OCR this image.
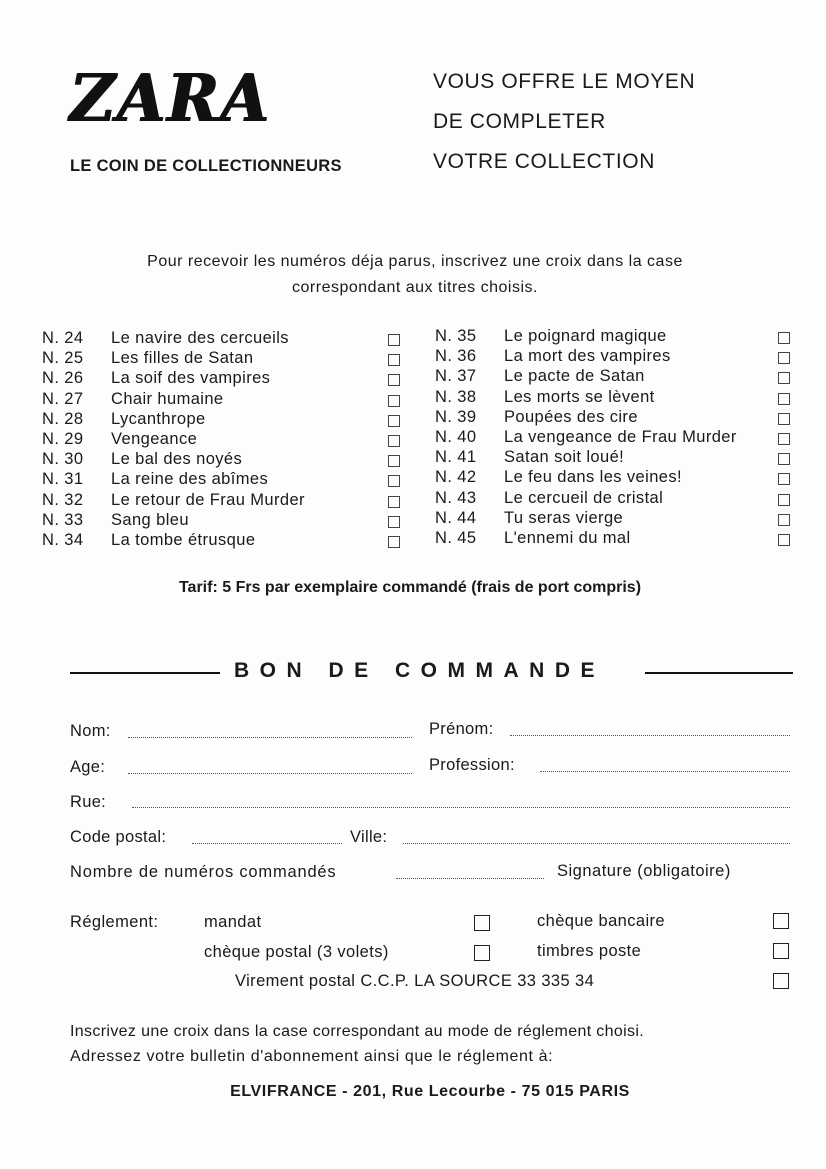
ZARA
LE COIN DE COLLECTIONNEURS
VOUS OFFRE LE MOYEN
DE COMPLETER
VOTRE COLLECTION
Pour recevoir les numéros déja parus, inscrivez une croix dans la case
correspondant aux titres choisis.
N. 24 Le navire des cercueils
N. 25 Les filles de Satan
N. 26 La soif des vampires
N. 27 Chair humaine
N. 28 Lycanthrope
N. 29 Vengeance
N. 30 Le bal des noyés
N. 31 La reine des abîmes
N. 32 Le retour de Frau Murder
N. 33 Sang bleu
N. 34 La tombe étrusque
N. 35 Le poignard magique
N. 36 La mort des vampires
N. 37 Le pacte de Satan
N. 38 Les morts se lèvent
N. 39 Poupées des cire
N. 40 La vengeance de Frau Murder
N. 41 Satan soit loué!
N. 42 Le feu dans les veines!
N. 43 Le cercueil de cristal
N. 44 Tu seras vierge
N. 45 L'ennemi du mal
Tarif: 5 Frs par exemplaire commandé (frais de port compris)
BON DE COMMANDE
Nom:	Prénom:
Age:	Profession:
Rue:
Code postal:	Ville:
Nombre de numéros commandés	Signature (obligatoire)
Réglement:	mandat	chèque bancaire
chèque postal (3 volets)	timbres poste
Virement postal C.C.P. LA SOURCE 33 335 34
Inscrivez une croix dans la case correspondant au mode de réglement choisi.
Adressez votre bulletin d'abonnement ainsi que le réglement à:
ELVIFRANCE - 201, Rue Lecourbe - 75 015 PARIS
